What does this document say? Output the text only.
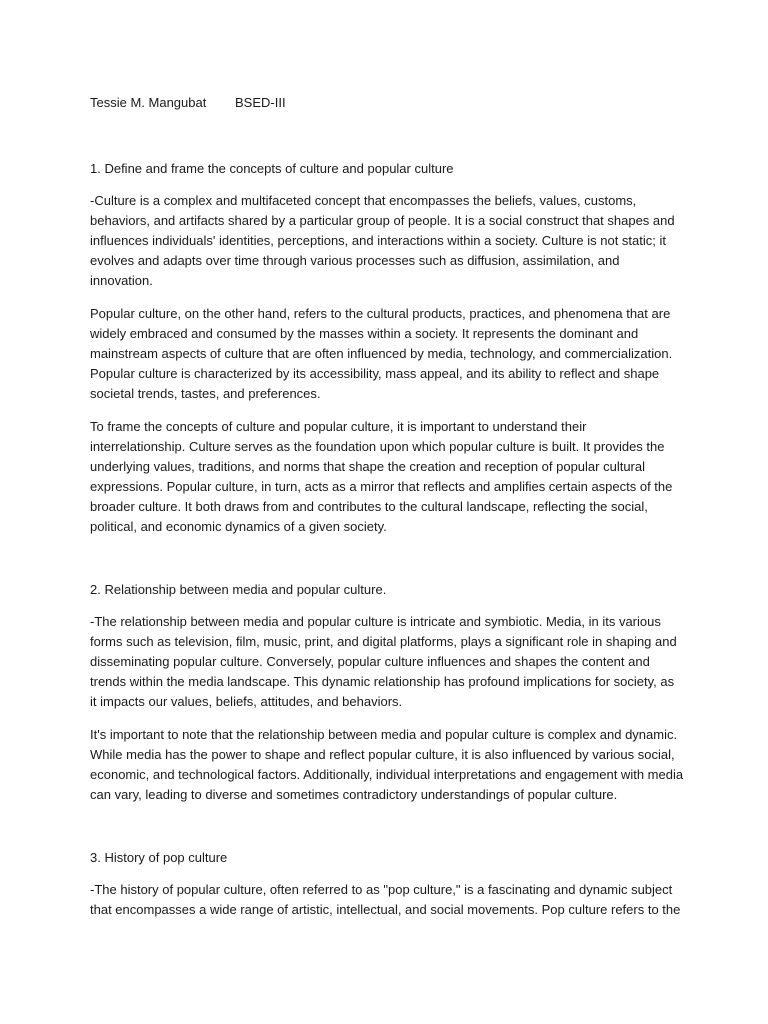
Tessie M. Mangubat	BSED-III

1. Define and frame the concepts of culture and popular culture

-Culture is a complex and multifaceted concept that encompasses the beliefs, values, customs, behaviors, and artifacts shared by a particular group of people. It is a social construct that shapes and influences individuals' identities, perceptions, and interactions within a society. Culture is not static; it evolves and adapts over time through various processes such as diffusion, assimilation, and innovation.

Popular culture, on the other hand, refers to the cultural products, practices, and phenomena that are widely embraced and consumed by the masses within a society. It represents the dominant and mainstream aspects of culture that are often influenced by media, technology, and commercialization. Popular culture is characterized by its accessibility, mass appeal, and its ability to reflect and shape societal trends, tastes, and preferences.

To frame the concepts of culture and popular culture, it is important to understand their interrelationship. Culture serves as the foundation upon which popular culture is built. It provides the underlying values, traditions, and norms that shape the creation and reception of popular cultural expressions. Popular culture, in turn, acts as a mirror that reflects and amplifies certain aspects of the broader culture. It both draws from and contributes to the cultural landscape, reflecting the social, political, and economic dynamics of a given society.

2. Relationship between media and popular culture.

-The relationship between media and popular culture is intricate and symbiotic. Media, in its various forms such as television, film, music, print, and digital platforms, plays a significant role in shaping and disseminating popular culture. Conversely, popular culture influences and shapes the content and trends within the media landscape. This dynamic relationship has profound implications for society, as it impacts our values, beliefs, attitudes, and behaviors.

It's important to note that the relationship between media and popular culture is complex and dynamic. While media has the power to shape and reflect popular culture, it is also influenced by various social, economic, and technological factors. Additionally, individual interpretations and engagement with media can vary, leading to diverse and sometimes contradictory understandings of popular culture.

3. History of pop culture

-The history of popular culture, often referred to as "pop culture," is a fascinating and dynamic subject that encompasses a wide range of artistic, intellectual, and social movements. Pop culture refers to the
